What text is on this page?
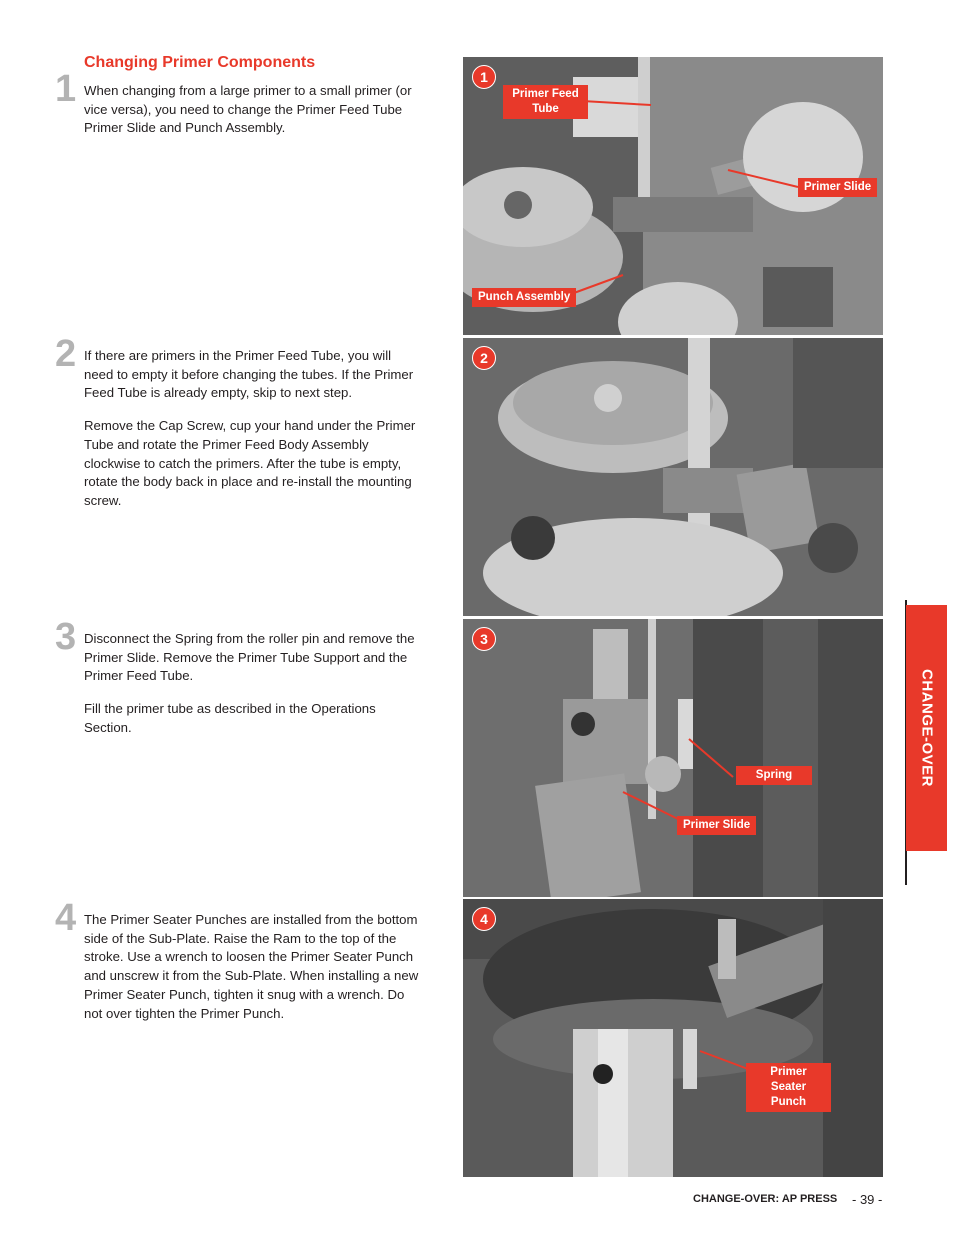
Changing Primer Components
1 When changing from a large primer to a small primer (or vice versa), you need to change the Primer Feed Tube Primer Slide and Punch Assembly.

2 If there are primers in the Primer Feed Tube, you will need to empty it before changing the tubes. If the Primer Feed Tube is already empty, skip to next step.

Remove the Cap Screw, cup your hand under the Primer Tube and rotate the Primer Feed Body Assembly clockwise to catch the primers. After the tube is empty, rotate the body back in place and re-install the mounting screw.

3 Disconnect the Spring from the roller pin and remove the Primer Slide. Remove the Primer Tube Support and the Primer Feed Tube.

Fill the primer tube as described in the Operations Section.

4 The Primer Seater Punches are installed from the bottom side of the Sub-Plate. Raise the Ram to the top of the stroke. Use a wrench to loosen the Primer Seater Punch and unscrew it from the Sub-Plate. When installing a new Primer Seater Punch, tighten it snug with a wrench. Do not over tighten the Primer Punch.

1
Primer Feed Tube
Primer Slide
Punch Assembly
2
3
Spring
Primer Slide
4
Primer Seater Punch
CHANGE-OVER
CHANGE-OVER: AP PRESS - 39 -
